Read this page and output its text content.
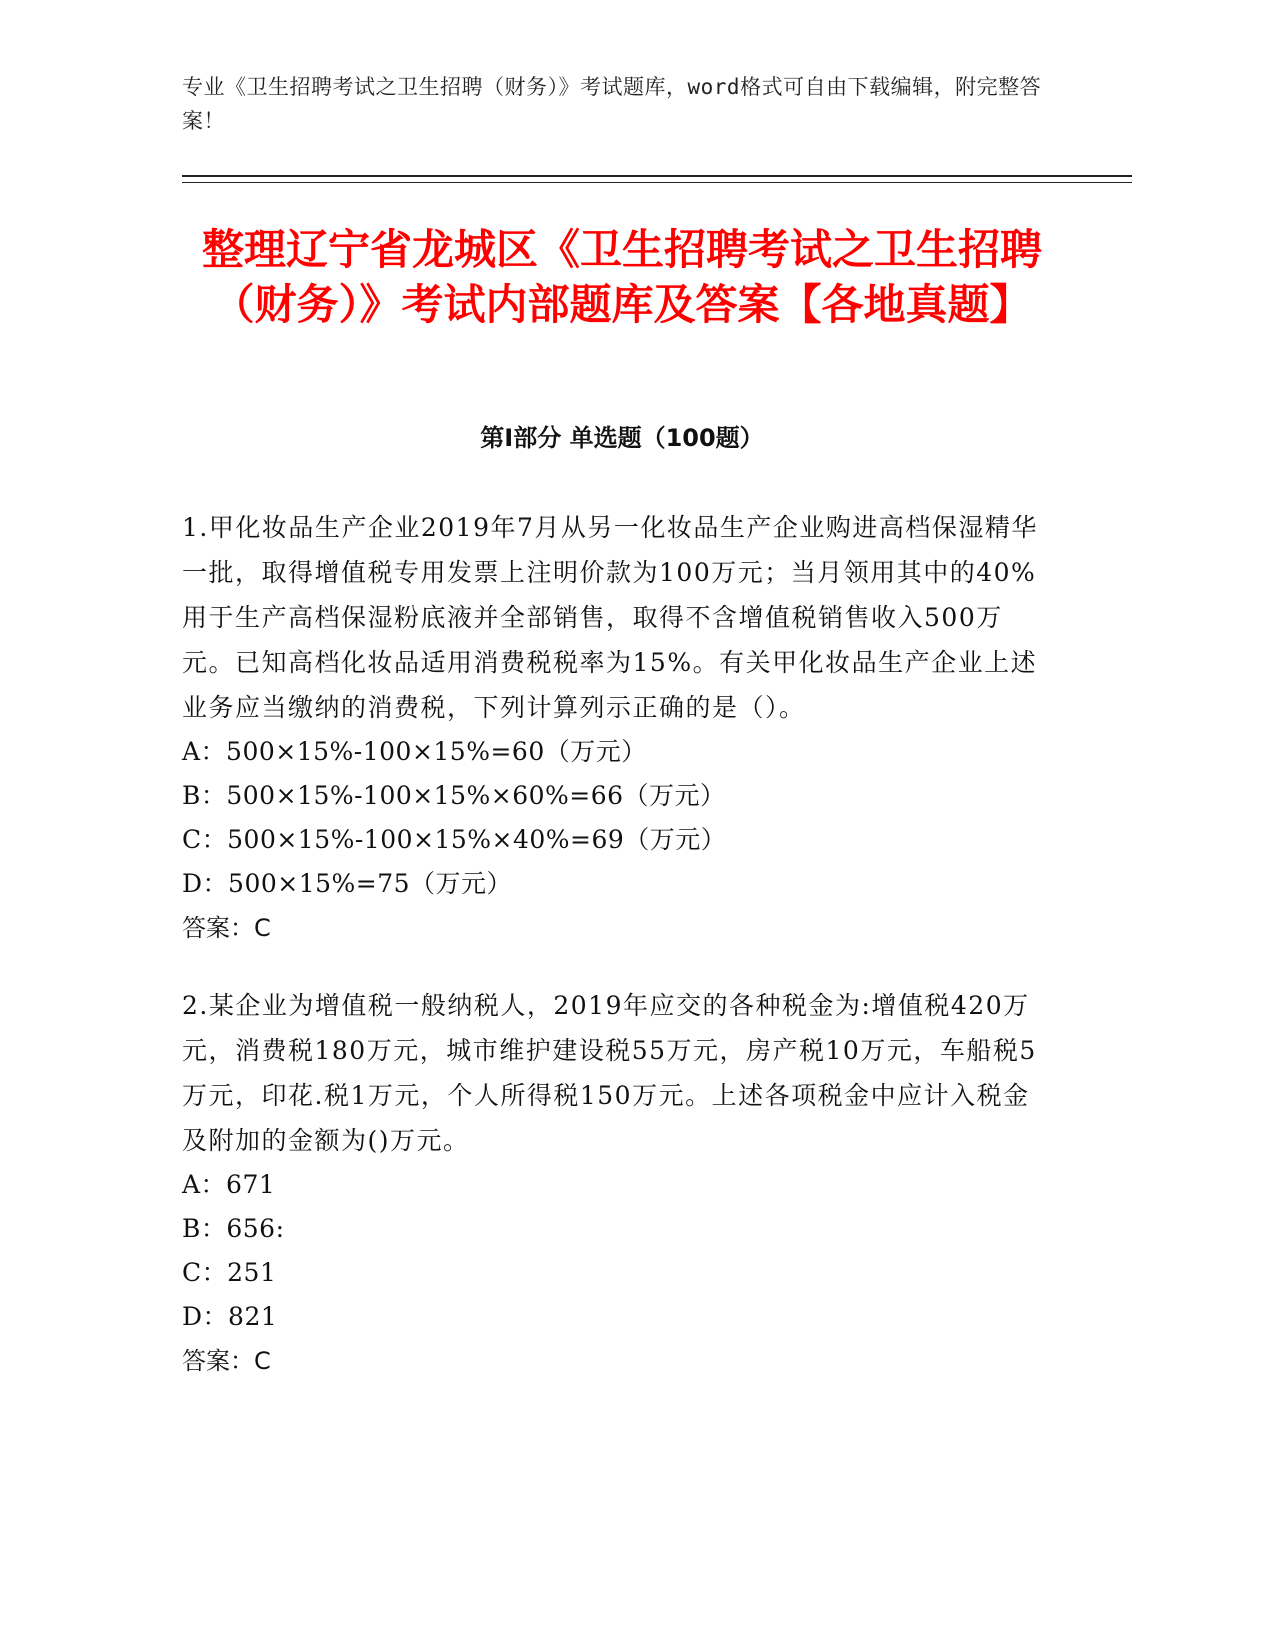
专业《卫生招聘考试之卫生招聘（财务）》考试题库，word格式可自由下载编辑，附完整答案！
整理辽宁省龙城区《卫生招聘考试之卫生招聘（财务）》考试内部题库及答案【各地真题】
第Ⅰ部分 单选题（100题）

1.甲化妆品生产企业2019年7月从另一化妆品生产企业购进高档保湿精华一批，取得增值税专用发票上注明价款为100万元；当月领用其中的40%用于生产高档保湿粉底液并全部销售，取得不含增值税销售收入500万元。已知高档化妆品适用消费税税率为15%。有关甲化妆品生产企业上述业务应当缴纳的消费税，下列计算列示正确的是（）。

A：500×15%-100×15%=60（万元）

B：500×15%-100×15%×60%=66（万元）

C：500×15%-100×15%×40%=69（万元）

D：500×15%=75（万元）

答案：C

2.某企业为增值税一般纳税人，2019年应交的各种税金为:增值税420万元，消费税180万元，城市维护建设税55万元，房产税10万元，车船税5万元，印花.税1万元，个人所得税150万元。上述各项税金中应计入税金及附加的金额为()万元。

A：671

B：656:

C：251

D：821

答案：C
